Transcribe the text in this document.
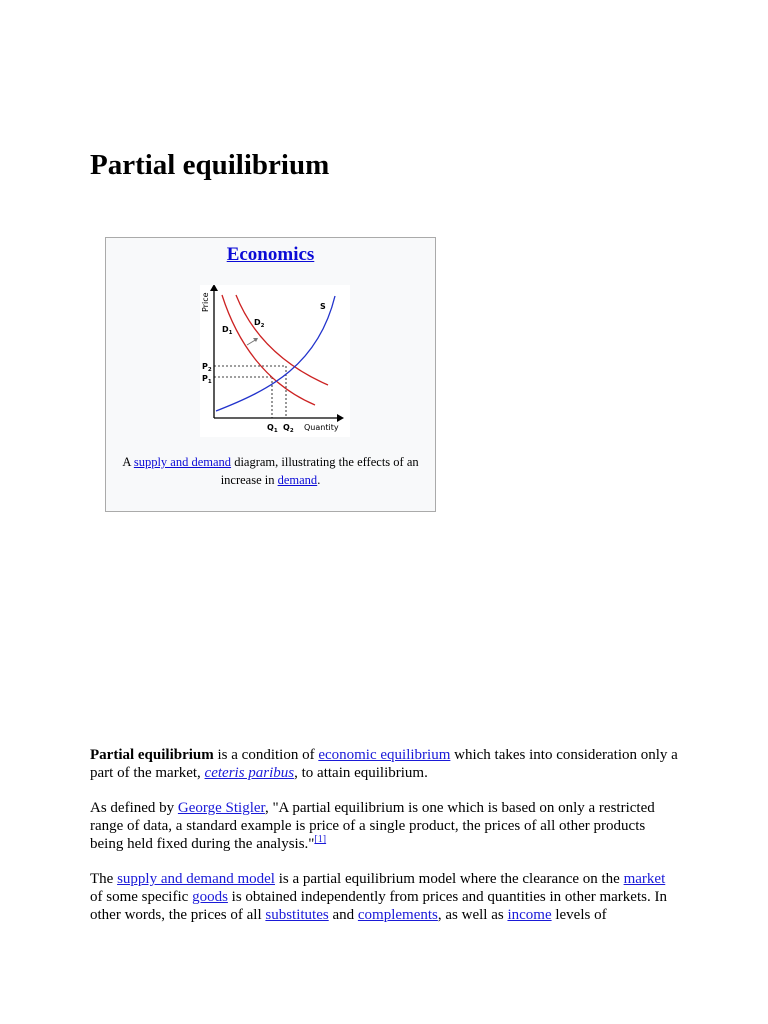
Partial equilibrium
Economics
Price	S
$D_1$
$D_2$
$P_2$
$P_1$
$Q_1$ $Q_2$ Quantity
A supply and demand diagram, illustrating the effects of an increase in demand.

Partial equilibrium is a condition of economic equilibrium which takes into consideration only a part of the market, ceteris paribus, to attain equilibrium.

As defined by George Stigler, "A partial equilibrium is one which is based on only a restricted range of data, a standard example is price of a single product, the prices of all other products being held fixed during the analysis."[1]

The supply and demand model is a partial equilibrium model where the clearance on the market of some specific goods is obtained independently from prices and quantities in other markets. In other words, the prices of all substitutes and complements, as well as income levels of
